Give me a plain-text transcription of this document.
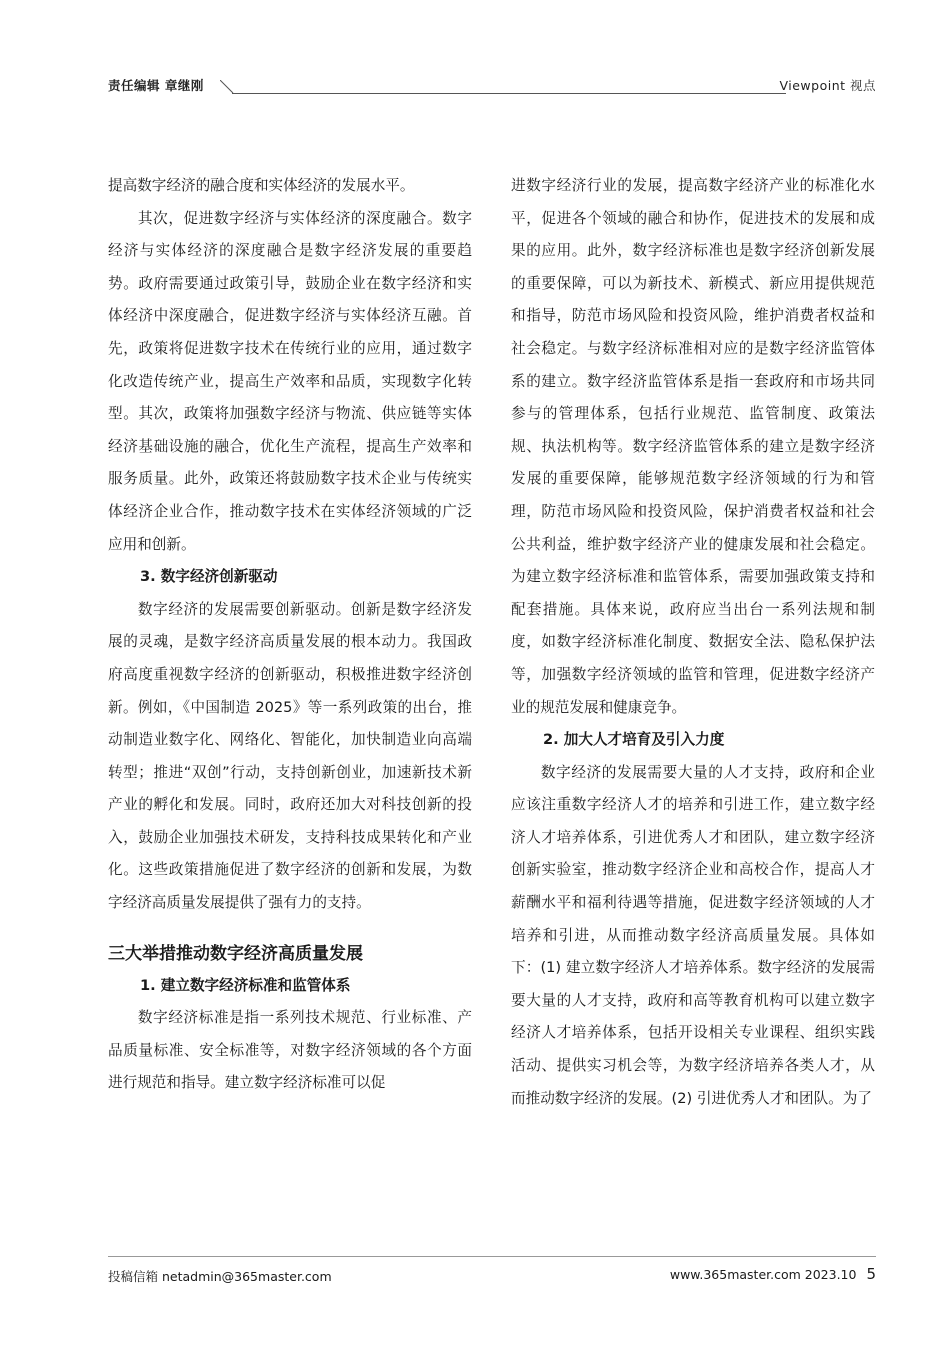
责任编辑 章继刚	Viewpoint 视点

提高数字经济的融合度和实体经济的发展水平。

其次，促进数字经济与实体经济的深度融合。数字经济与实体经济的深度融合是数字经济发展的重要趋势。政府需要通过政策引导，鼓励企业在数字经济和实体经济中深度融合，促进数字经济与实体经济互融。首先，政策将促进数字技术在传统行业的应用，通过数字化改造传统产业，提高生产效率和品质，实现数字化转型。其次，政策将加强数字经济与物流、供应链等实体经济基础设施的融合，优化生产流程，提高生产效率和服务质量。此外，政策还将鼓励数字技术企业与传统实体经济企业合作，推动数字技术在实体经济领域的广泛应用和创新。

3. 数字经济创新驱动

数字经济的发展需要创新驱动。创新是数字经济发展的灵魂，是数字经济高质量发展的根本动力。我国政府高度重视数字经济的创新驱动，积极推进数字经济创新。例如，《中国制造 2025》等一系列政策的出台，推动制造业数字化、网络化、智能化，加快制造业向高端转型；推进“双创”行动，支持创新创业，加速新技术新产业的孵化和发展。同时，政府还加大对科技创新的投入，鼓励企业加强技术研发，支持科技成果转化和产业化。这些政策措施促进了数字经济的创新和发展，为数字经济高质量发展提供了强有力的支持。

三大举措推动数字经济高质量发展
1. 建立数字经济标准和监管体系

数字经济标准是指一系列技术规范、行业标准、产品质量标准、安全标准等，对数字经济领域的各个方面进行规范和指导。建立数字经济标准可以促

进数字经济行业的发展，提高数字经济产业的标准化水平，促进各个领域的融合和协作，促进技术的发展和成果的应用。此外，数字经济标准也是数字经济创新发展的重要保障，可以为新技术、新模式、新应用提供规范和指导，防范市场风险和投资风险，维护消费者权益和社会稳定。与数字经济标准相对应的是数字经济监管体系的建立。数字经济监管体系是指一套政府和市场共同参与的管理体系，包括行业规范、监管制度、政策法规、执法机构等。数字经济监管体系的建立是数字经济发展的重要保障，能够规范数字经济领域的行为和管理，防范市场风险和投资风险，保护消费者权益和社会公共利益，维护数字经济产业的健康发展和社会稳定。为建立数字经济标准和监管体系，需要加强政策支持和配套措施。具体来说，政府应当出台一系列法规和制度，如数字经济标准化制度、数据安全法、隐私保护法等，加强数字经济领域的监管和管理，促进数字经济产业的规范发展和健康竞争。

2. 加大人才培育及引入力度

数字经济的发展需要大量的人才支持，政府和企业应该注重数字经济人才的培养和引进工作，建立数字经济人才培养体系，引进优秀人才和团队，建立数字经济创新实验室，推动数字经济企业和高校合作，提高人才薪酬水平和福利待遇等措施，促进数字经济领域的人才培养和引进，从而推动数字经济高质量发展。具体如下：(1) 建立数字经济人才培养体系。数字经济的发展需要大量的人才支持，政府和高等教育机构可以建立数字经济人才培养体系，包括开设相关专业课程、组织实践活动、提供实习机会等，为数字经济培养各类人才，从而推动数字经济的发展。(2) 引进优秀人才和团队。为了

投稿信箱 netadmin@365master.com	www.365master.com 2023.10 5
